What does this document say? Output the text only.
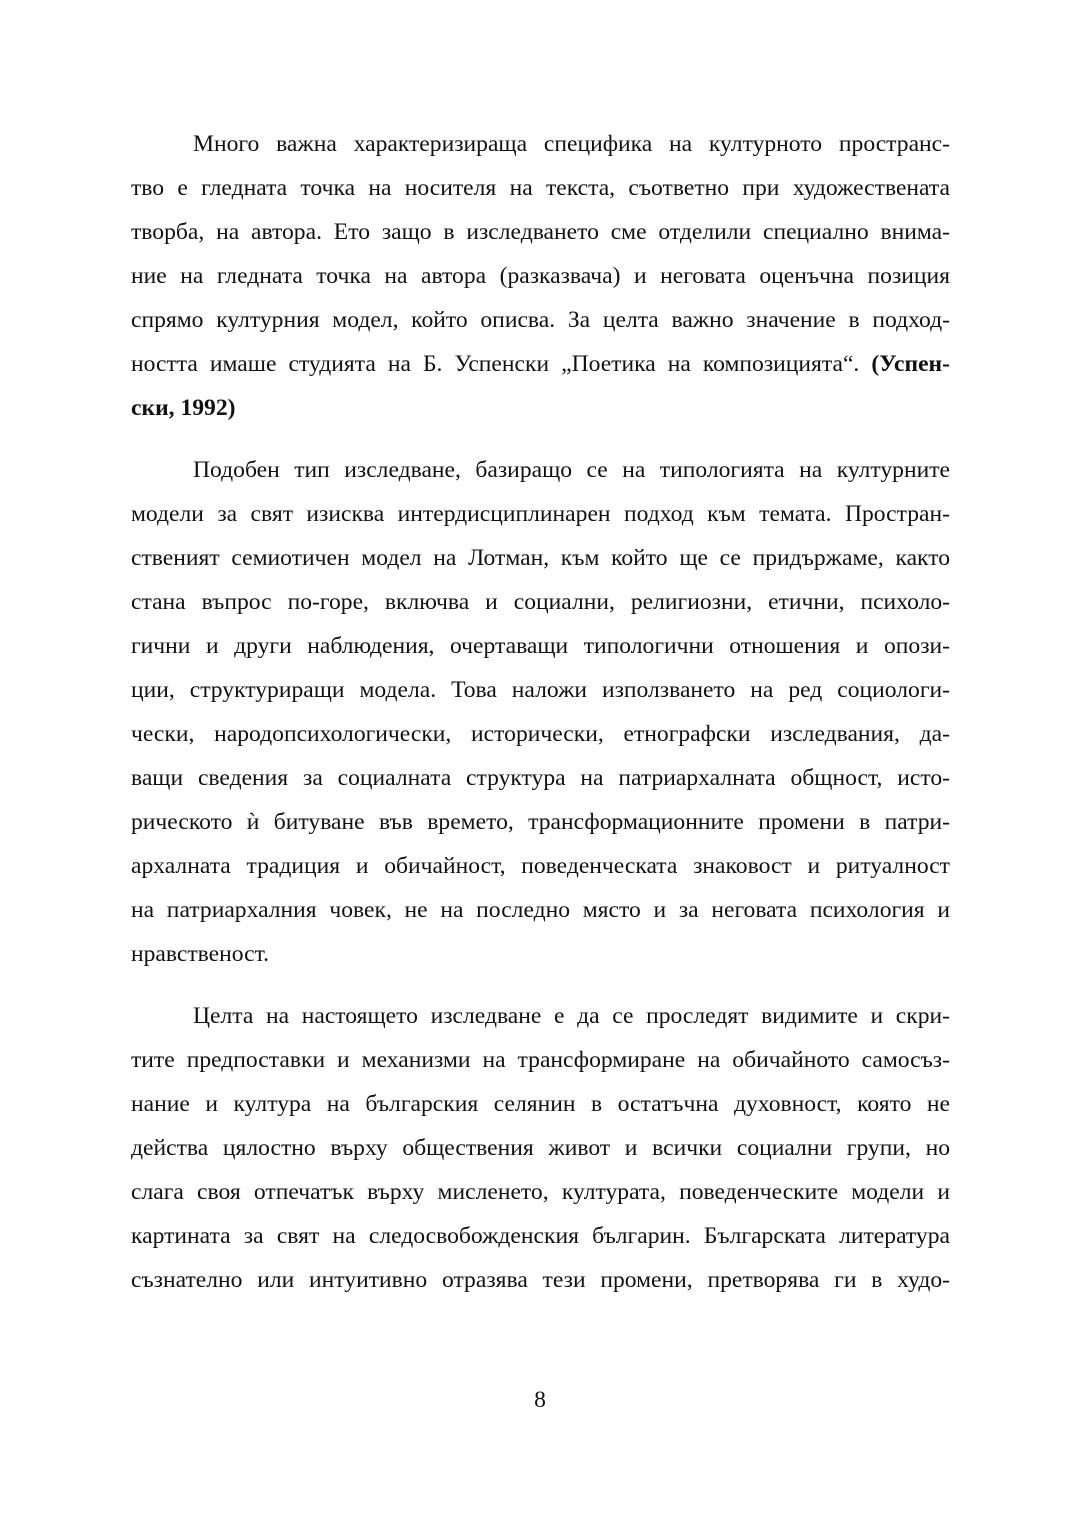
Много важна характеризираща специфика на културното пространс-
тво е гледната точка на носителя на текста, съответно при художествената
творба, на автора. Ето защо в изследването сме отделили специално внима-
ние на гледната точка на автора (разказвача) и неговата оценъчна позиция
спрямо културния модел, който описва. За целта важно значение в подход-
ността имаше студията на Б. Успенски „Поетика на композицията“. (Успен-
ски, 1992)
Подобен тип изследване, базиращо се на типологията на културните
модели за свят изисква интердисциплинарен подход към темата. Простран-
ственият семиотичен модел на Лотман, към който ще се придържаме, както
стана въпрос по-горе, включва и социални, религиозни, етични, психоло-
гични и други наблюдения, очертаващи типологични отношения и опози-
ции, структуриращи модела. Това наложи използването на ред социологи-
чески, народопсихологически, исторически, етнографски изследвания, да-
ващи сведения за социалната структура на патриархалната общност, исто-
рическото ѝ битуване във времето, трансформационните промени в патри-
архалната традиция и обичайност, поведенческата знаковост и ритуалност
на патриархалния човек, не на последно място и за неговата психология и
нравственост.
Целта на настоящето изследване е да се проследят видимите и скри-
тите предпоставки и механизми на трансформиране на обичайното самосъз-
нание и култура на българския селянин в остатъчна духовност, която не
действа цялостно върху обществения живот и всички социални групи, но
слага своя отпечатък върху мисленето, културата, поведенческите модели и
картината за свят на следосвобожденския българин. Българската литература
съзнателно или интуитивно отразява тези промени, претворява ги в худо-
8
